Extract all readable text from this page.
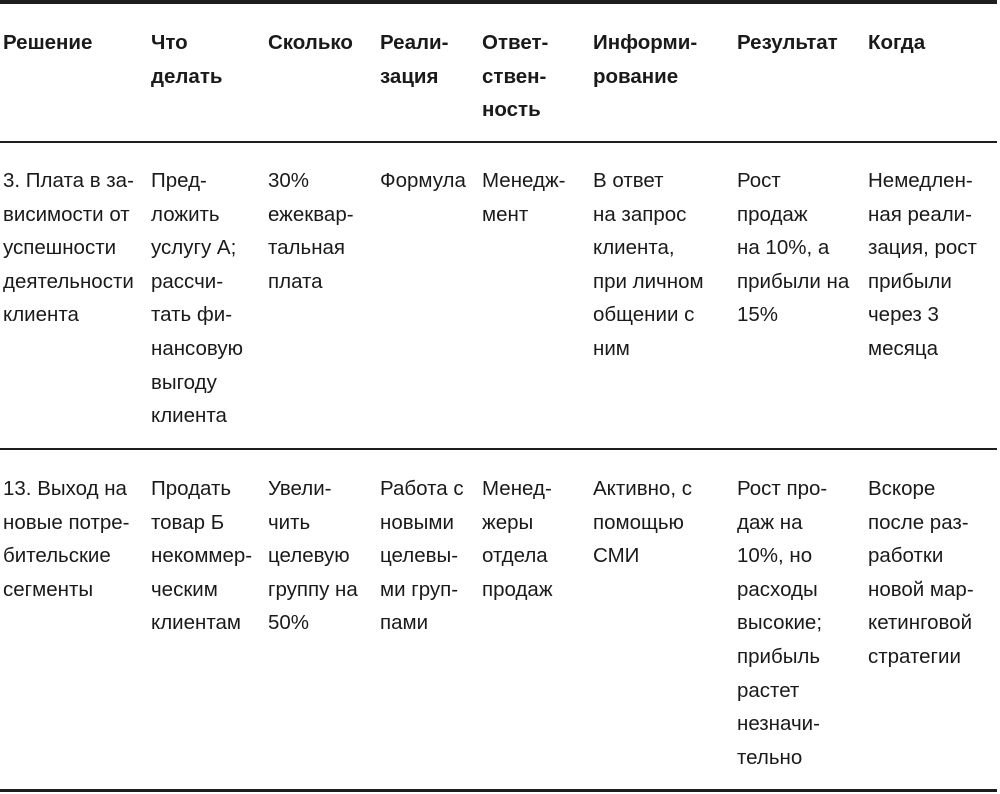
Решение	Что
делать
Сколько Реали-
зация
Ответ-
ствен-
ность
Информи-
рование
Результат Когда
3. Плата в за-
висимости от
успешности
деятельности
клиента
Пред-
ложить
услугу А;
рассчи-
тать фи-
нансовую
выгоду
клиента
30%
ежеквар-
тальная
плата
Формула Менедж-
мент
В ответ
на запрос
клиента,
при личном
общении с
ним
Рост
продаж
на 10%, а
прибыли на
15%
Немедлен-
ная реали-
зация, рост
прибыли
через 3
месяца
13. Выход на
новые потре-
бительские
сегменты
Продать
товар Б
некоммер-
ческим
клиентам
Увели-
чить
целевую
группу на
50%
Работа с
новыми
целевы-
ми груп-
пами
Менед-
жеры
отдела
продаж
Активно, с
помощью
СМИ
Рост про-
даж на
10%, но
расходы
высокие;
прибыль
растет
незначи-
тельно
Вскоре
после раз-
работки
новой мар-
кетинговой
стратегии
